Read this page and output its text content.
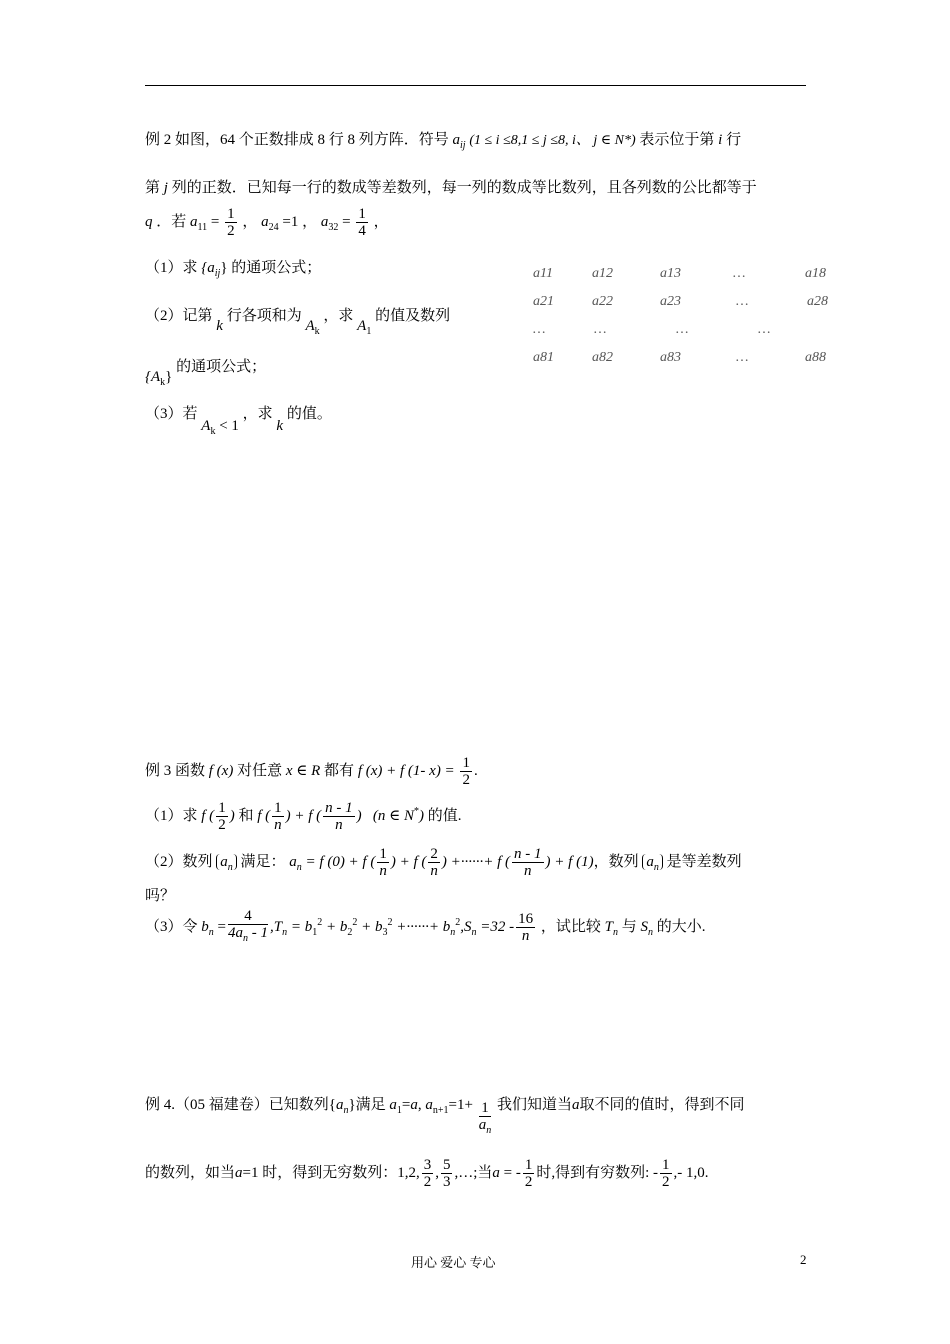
例 2 如图，64 个正数排成 8 行 8 列方阵．符号 $a_{ij}$ (1 ≤ i ≤8,1 ≤ j ≤8, i、 j ∈ N*) 表示位于第 i 行
第 j 列的正数．已知每一行的数成等差数列，每一列的数成等比数列，且各列数的公比都等于
q ．若 $a_{11} = \frac{1}{2}$ ， $a_{24} =1$ ， $a_{32} = \frac{1}{4}$ ，
（1）求 $\{a_{ij}\}$ 的通项公式；
（2）记第 k 行各项和为 $A_k$ ，求 $A_1$ 的值及数列
$\{A_k\}$ 的通项公式；
（3）若 $A_k < 1$ ，求 k 的值。
a11	a12	a13	…	a18
a21	a22	a23	…	a28
…	…	…	…
a81	a82	a83	…	a88
例 3 函数 f (x) 对任意 x ∈ R 都有 f (x) + f (1- $x) = \frac{1}{2}$ .
（1）求 f ( $\frac{1}{2}$ ) 和 f ( $\frac{1}{n}$ ) + f ( $\frac{n - 1}{n}$ ) (n ∈ N*) 的值.
（2）数列 $a_n$ 满足： $a_n = f$ (0) + f ( $\frac{1}{n}$ ) + f ( $\frac{2}{n}$ ) +······+ f ( $\frac{n - 1}{n}$ ) + f (1)，数列 $a_n$ 是等差数列
吗？
（3）令 $b_n = \frac{4}{4a_n - 1} ,T_n = b_1^2 + b_2^2 + b_3^2$ +······+ $b_n^2,S_n =32 - \frac{16}{n}$ ，试比较 $T_n$ 与 $S_n$ 的大小.
例 4.（05 福建卷）已知数列$\{a_n\}$满足 $a_1=a$, $a_{n+1}=1+ \frac{1}{a_n}$ 我们知道当a取不同的值时，得到不同
的数列，如当a=1 时，得到无穷数列：1,2, $\frac{3}{2}$ , $\frac{5}{3}$ ,…;当a = - $\frac{1}{2}$ 时,得到有穷数列: - $\frac{1}{2}$ ,- 1,0.
用心 爱心 专心	2
